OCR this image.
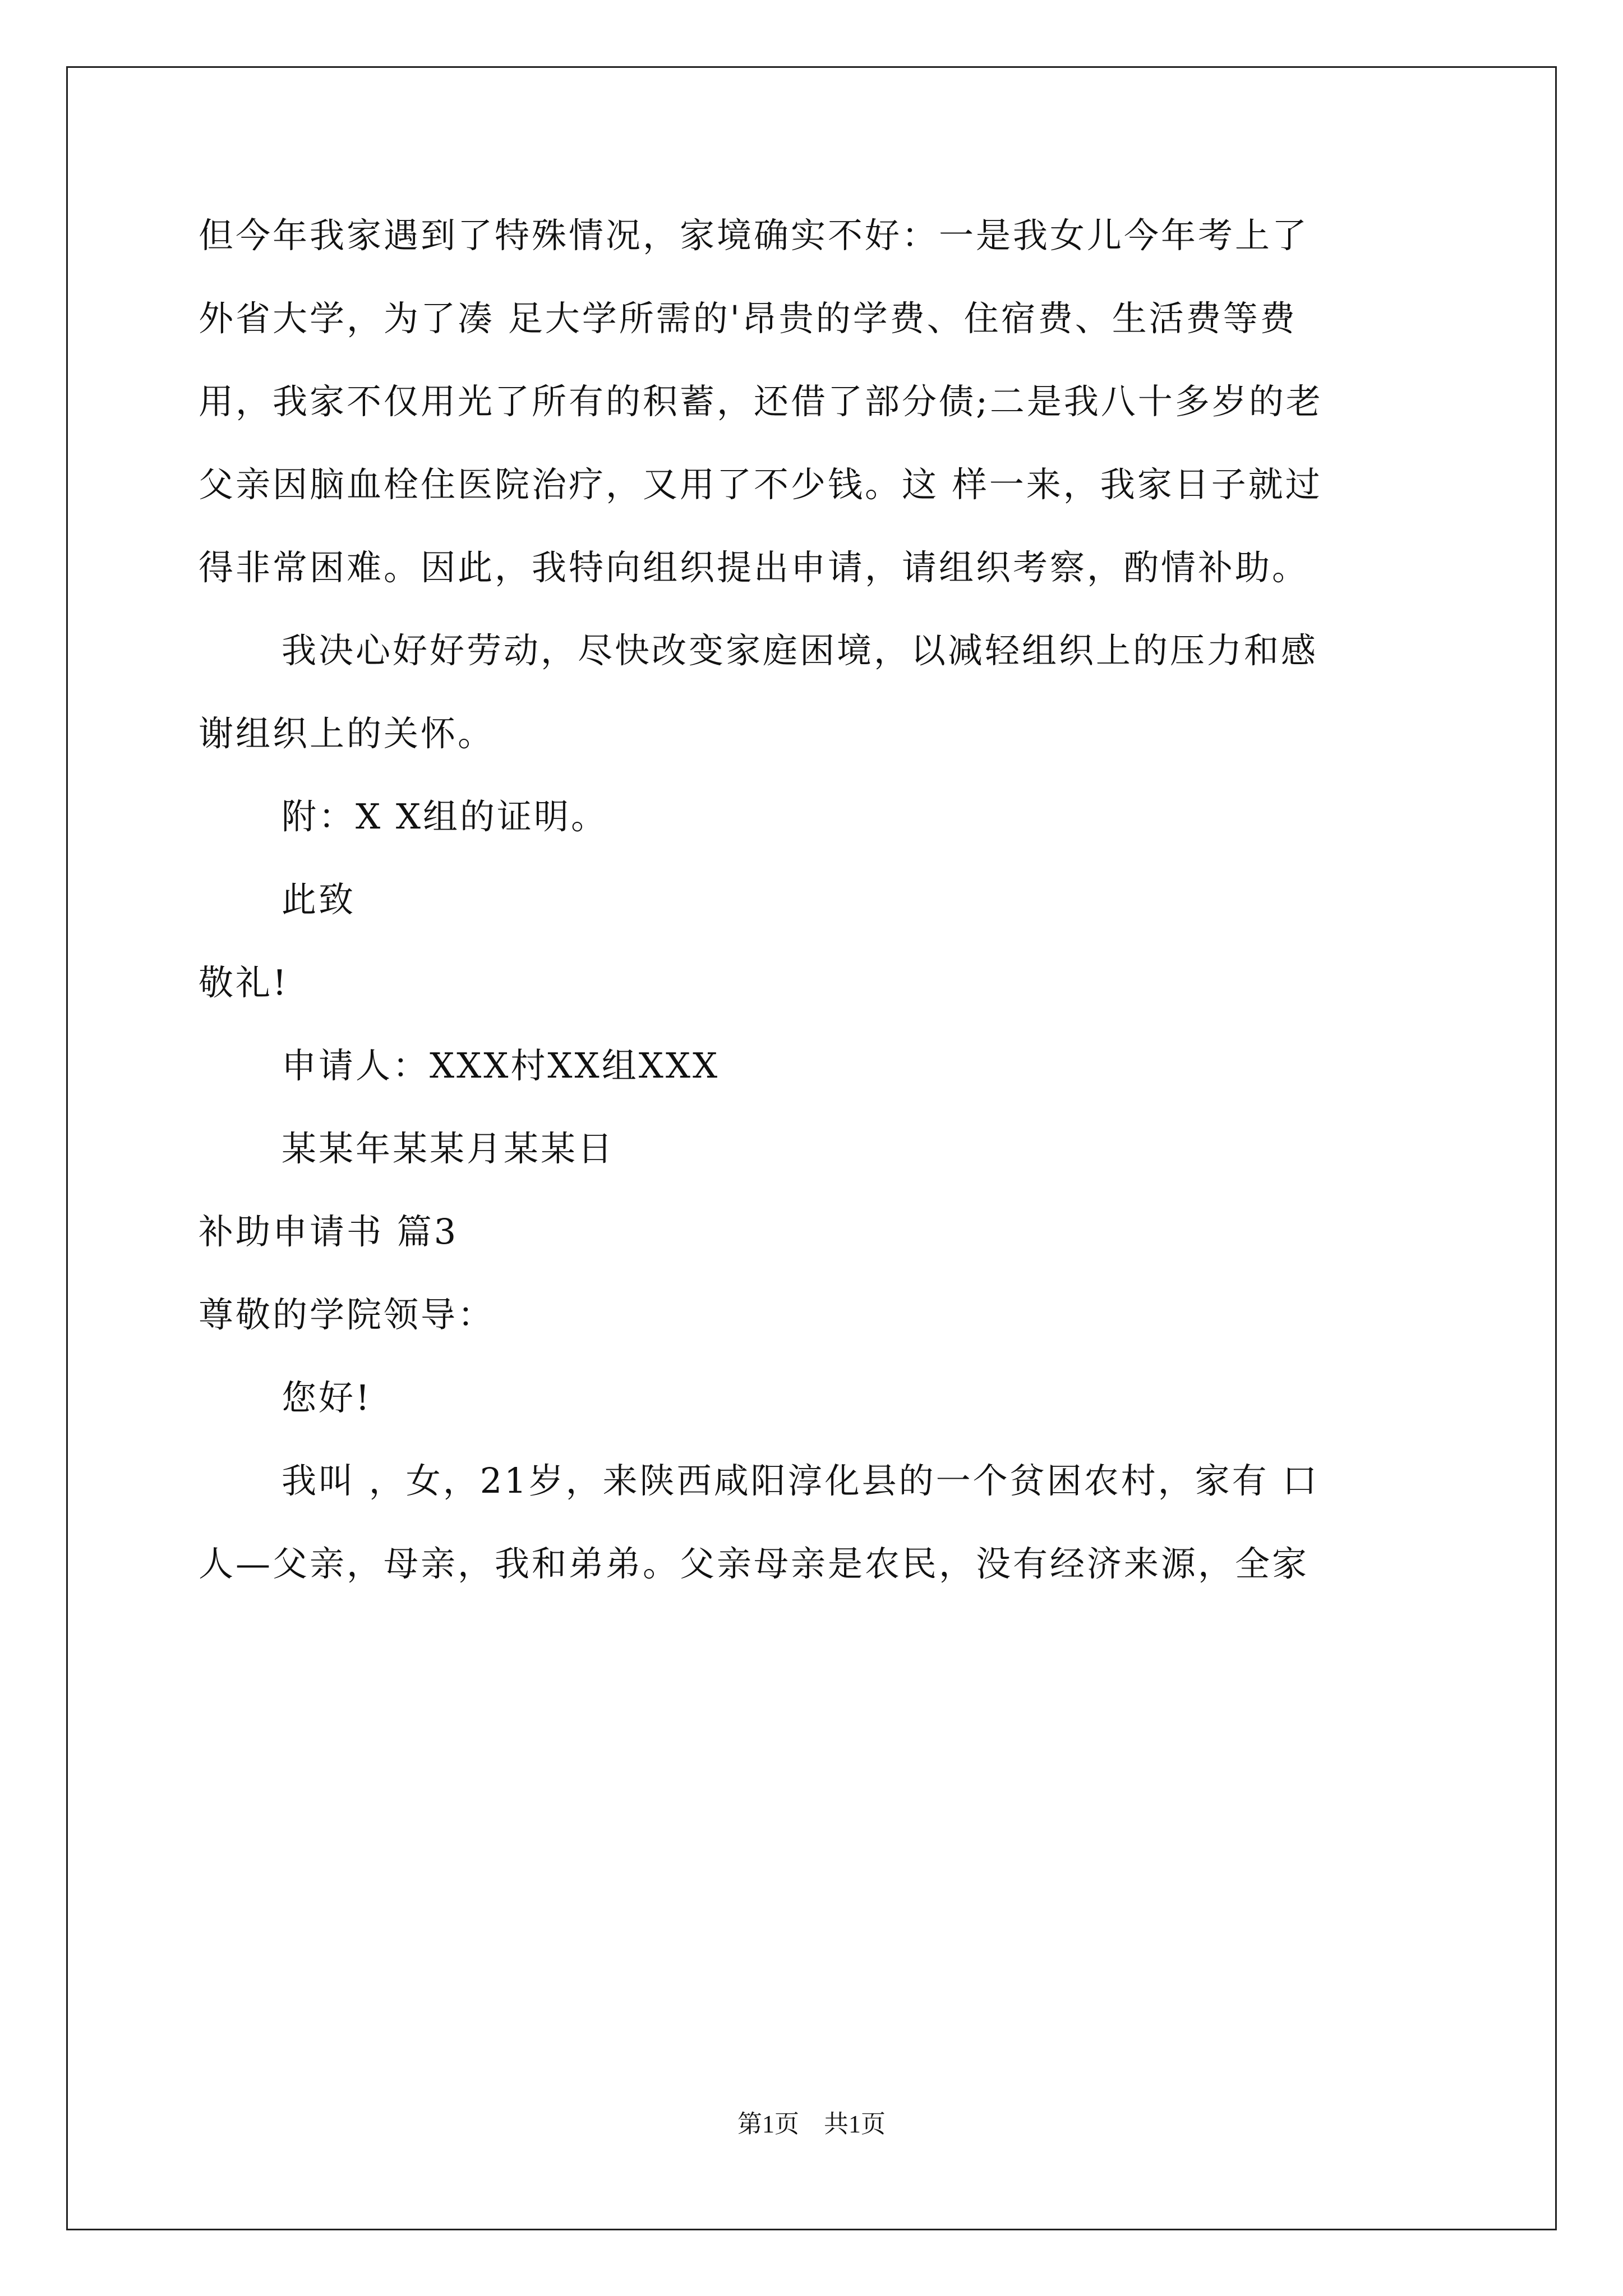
但今年我家遇到了特殊情况，家境确实不好：一是我女儿今年考上了
外省大学，为了凑 足大学所需的'昂贵的学费、住宿费、生活费等费
用，我家不仅用光了所有的积蓄，还借了部分债;二是我八十多岁的老
父亲因脑血栓住医院治疗，又用了不少钱。这 样一来，我家日子就过
得非常困难。因此，我特向组织提出申请，请组织考察，酌情补助。
我决心好好劳动，尽快改变家庭困境，以减轻组织上的压力和感
谢组织上的关怀。
附：X X组的证明。
此致
敬礼!
申请人：XXX村XX组XXX
某某年某某月某某日
补助申请书 篇3
尊敬的学院领导：
您好!
我叫 ，女，21岁，来陕西咸阳淳化县的一个贫困农村，家有 口
人—父亲，母亲，我和弟弟。父亲母亲是农民，没有经济来源，全家
第1页　共1页
